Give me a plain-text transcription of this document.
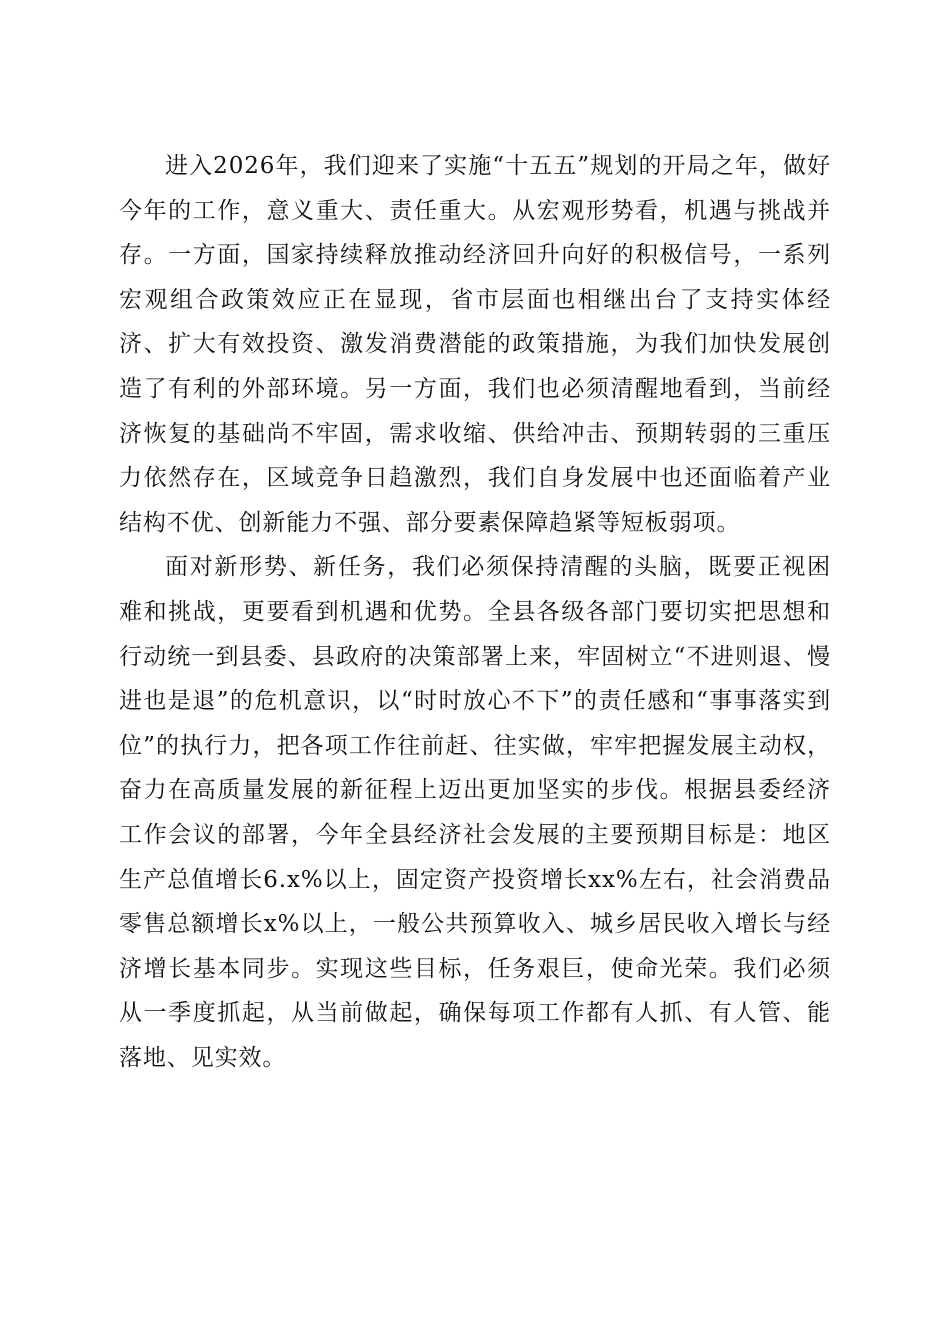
进入2026年，我们迎来了实施“十五五”规划的开局之年，做好今年的工作，意义重大、责任重大。从宏观形势看，机遇与挑战并存。一方面，国家持续释放推动经济回升向好的积极信号，一系列宏观组合政策效应正在显现，省市层面也相继出台了支持实体经济、扩大有效投资、激发消费潜能的政策措施，为我们加快发展创造了有利的外部环境。另一方面，我们也必须清醒地看到，当前经济恢复的基础尚不牢固，需求收缩、供给冲击、预期转弱的三重压力依然存在，区域竞争日趋激烈，我们自身发展中也还面临着产业结构不优、创新能力不强、部分要素保障趋紧等短板弱项。

面对新形势、新任务，我们必须保持清醒的头脑，既要正视困难和挑战，更要看到机遇和优势。全县各级各部门要切实把思想和行动统一到县委、县政府的决策部署上来，牢固树立“不进则退、慢进也是退”的危机意识，以“时时放心不下”的责任感和“事事落实到位”的执行力，把各项工作往前赶、往实做，牢牢把握发展主动权，奋力在高质量发展的新征程上迈出更加坚实的步伐。根据县委经济工作会议的部署，今年全县经济社会发展的主要预期目标是：地区生产总值增长6.x%以上，固定资产投资增长xx%左右，社会消费品零售总额增长x%以上，一般公共预算收入、城乡居民收入增长与经济增长基本同步。实现这些目标，任务艰巨，使命光荣。我们必须从一季度抓起，从当前做起，确保每项工作都有人抓、有人管、能落地、见实效。
